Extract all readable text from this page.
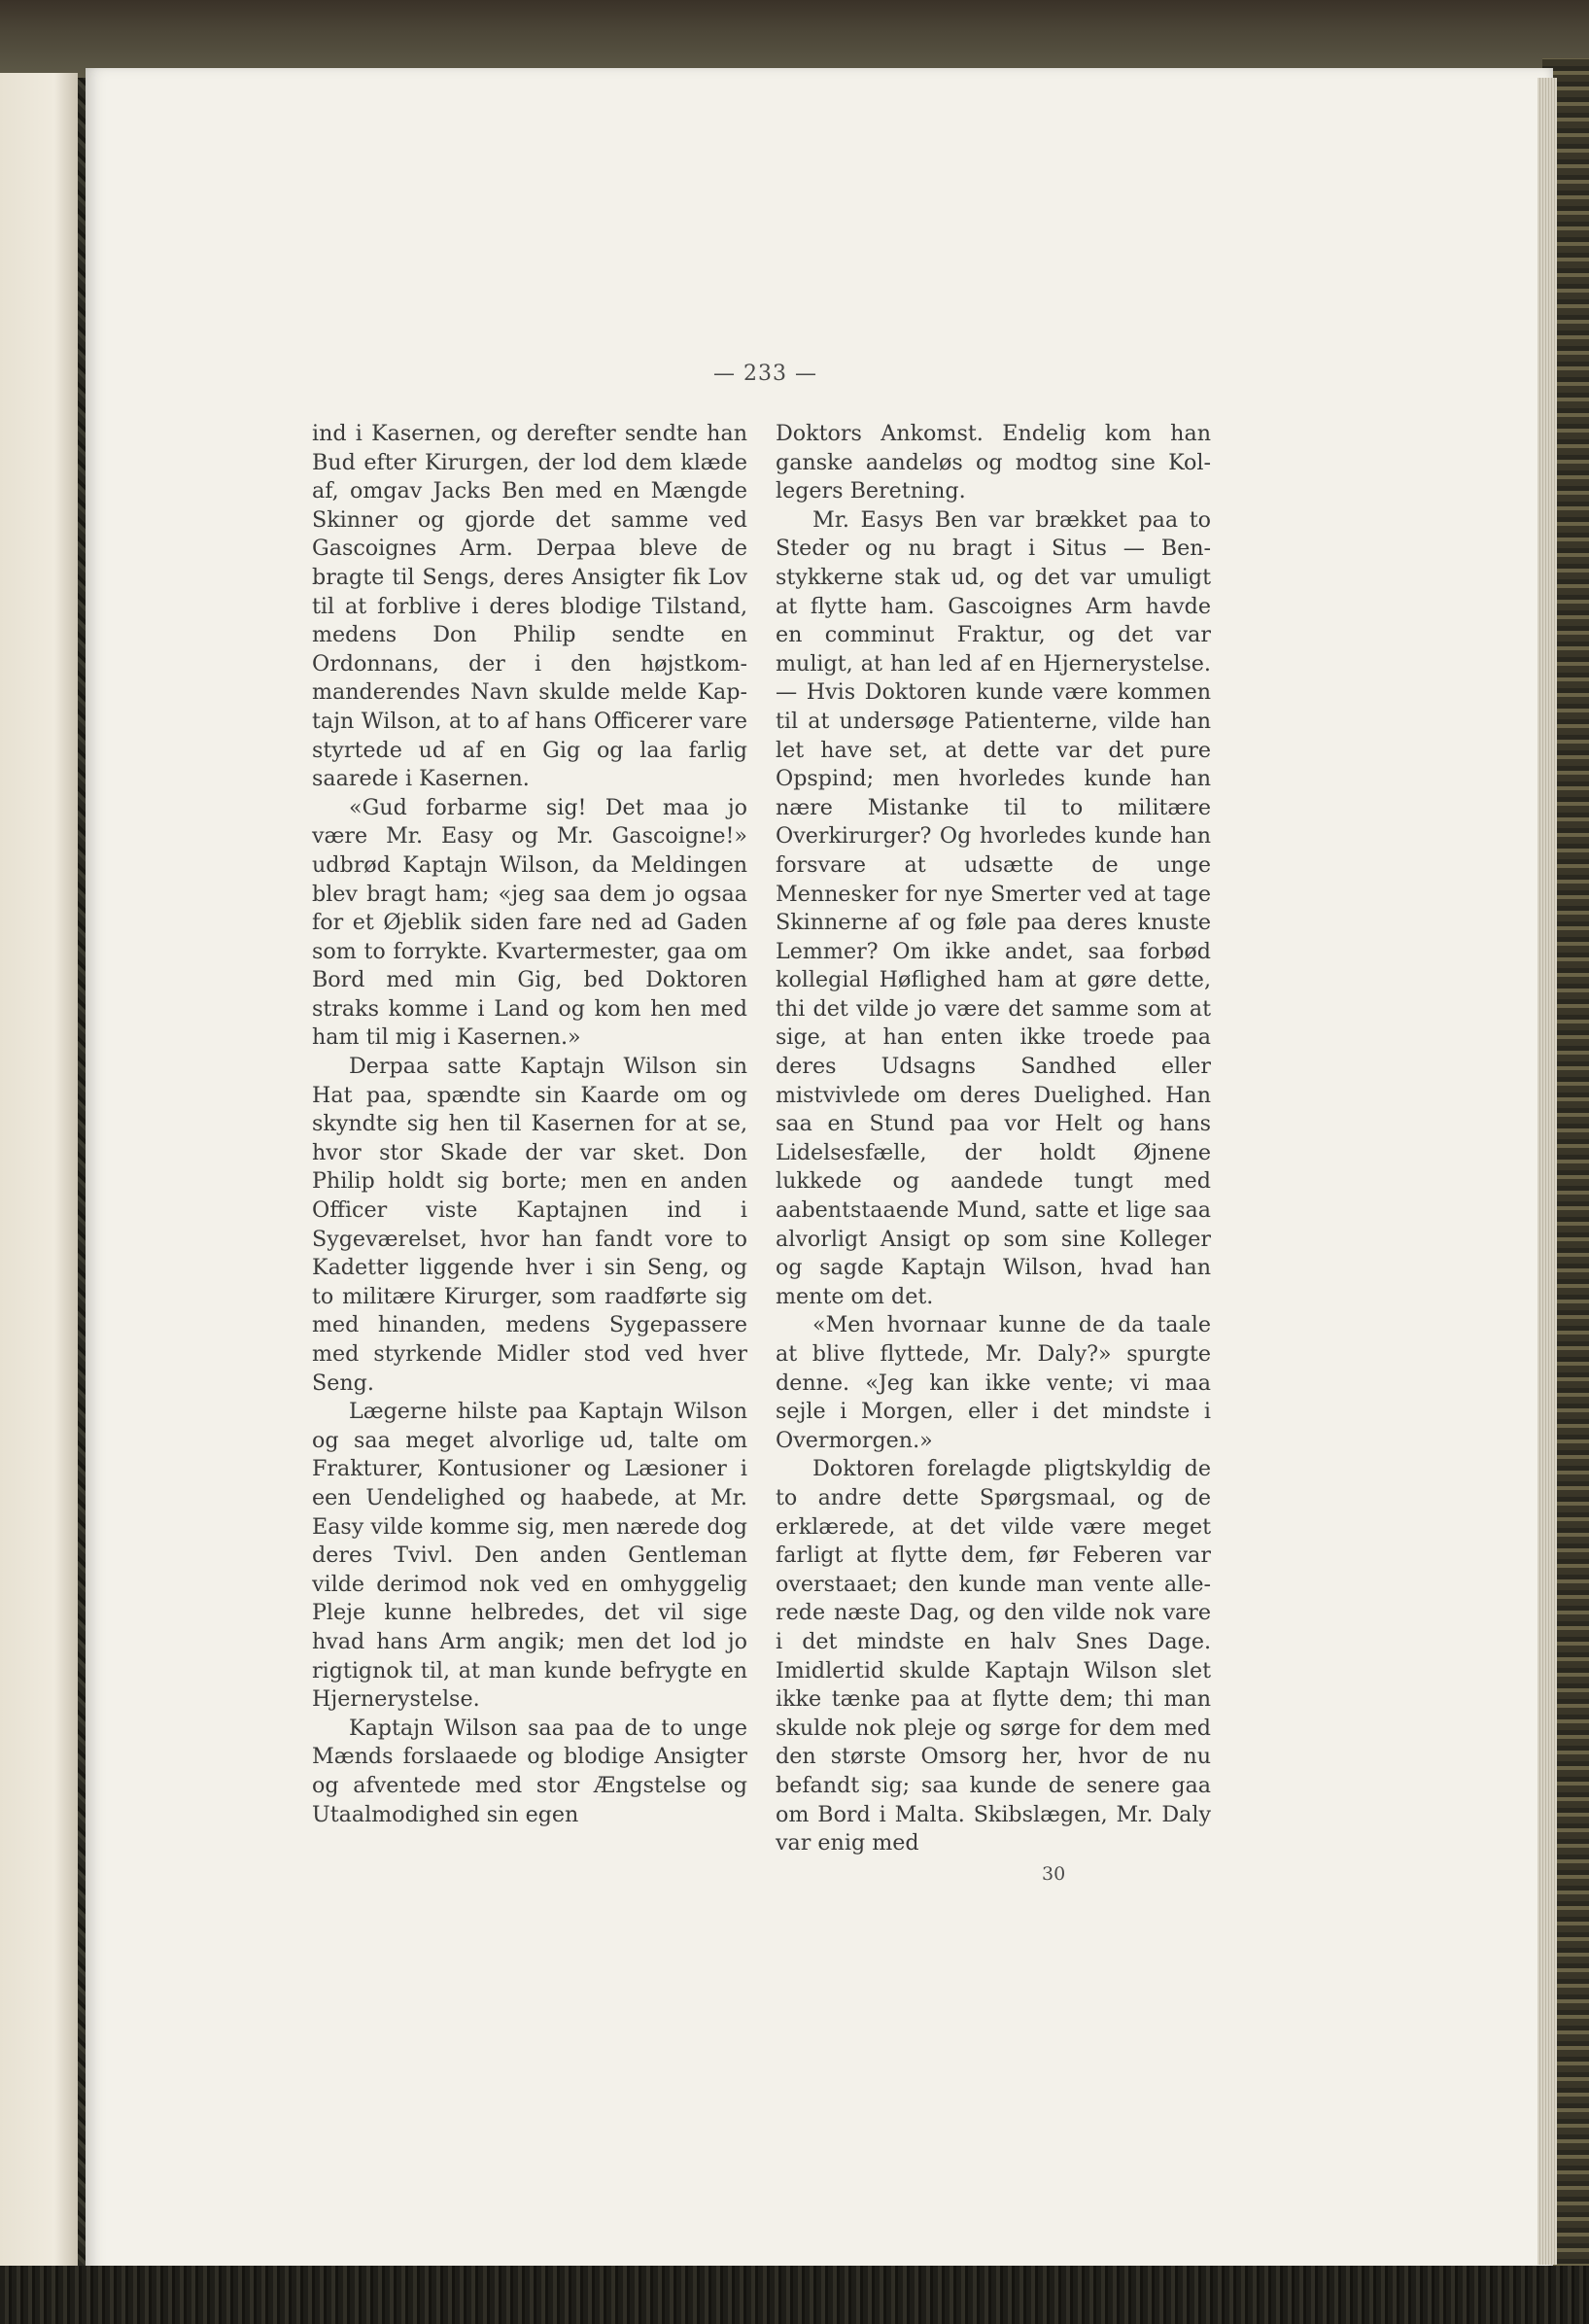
— 233 —

ind i Kasernen, og derefter sendte han Bud efter Kirurgen, der lod dem klæde af, omgav Jacks Ben med en Mængde Skinner og gjorde det samme ved Gascoignes Arm. Derpaa bleve de bragte til Sengs, deres Ansigter fik Lov til at forblive i deres blodige Tilstand, medens Don Philip sendte en Ordonnans, der i den højstkommanderendes Navn skulde melde Kaptajn Wilson, at to af hans Officerer vare styrtede ud af en Gig og laa farlig saarede i Kasernen.

«Gud forbarme sig! Det maa jo være Mr. Easy og Mr. Gascoigne!» udbrød Kaptajn Wilson, da Meldingen blev bragt ham; «jeg saa dem jo ogsaa for et Øjeblik siden fare ned ad Gaden som to forrykte. Kvartermester, gaa om Bord med min Gig, bed Doktoren straks komme i Land og kom hen med ham til mig i Kasernen.»

Derpaa satte Kaptajn Wilson sin Hat paa, spændte sin Kaarde om og skyndte sig hen til Kasernen for at se, hvor stor Skade der var sket. Don Philip holdt sig borte; men en anden Officer viste Kaptajnen ind i Sygeværelset, hvor han fandt vore to Kadetter liggende hver i sin Seng, og to militære Kirurger, som raadførte sig med hinanden, medens Sygepassere med styrkende Midler stod ved hver Seng.

Lægerne hilste paa Kaptajn Wilson og saa meget alvorlige ud, talte om Frakturer, Kontusioner og Læsioner i een Uendelighed og haabede, at Mr. Easy vilde komme sig, men nærede dog deres Tvivl. Den anden Gentleman vilde derimod nok ved en omhyggelig Pleje kunne helbredes, det vil sige hvad hans Arm angik; men det lod jo rigtignok til, at man kunde befrygte en Hjernerystelse.

Kaptajn Wilson saa paa de to unge Mænds forslaaede og blodige Ansigter og afventede med stor Ængstelse og Utaalmodighed sin egen

Doktors Ankomst. Endelig kom han ganske aandeløs og modtog sine Kollegers Beretning.

Mr. Easys Ben var brækket paa to Steder og nu bragt i Situs — Benstykkerne stak ud, og det var umuligt at flytte ham. Gascoignes Arm havde en comminut Fraktur, og det var muligt, at han led af en Hjernerystelse. — Hvis Doktoren kunde være kommen til at undersøge Patienterne, vilde han let have set, at dette var det pure Opspind; men hvorledes kunde han nære Mistanke til to militære Overkirurger? Og hvorledes kunde han forsvare at udsætte de unge Mennesker for nye Smerter ved at tage Skinnerne af og føle paa deres knuste Lemmer? Om ikke andet, saa forbød kollegial Høflighed ham at gøre dette, thi det vilde jo være det samme som at sige, at han enten ikke troede paa deres Udsagns Sandhed eller mistvivlede om deres Duelighed. Han saa en Stund paa vor Helt og hans Lidelsesfælle, der holdt Øjnene lukkede og aandede tungt med aabentstaaende Mund, satte et lige saa alvorligt Ansigt op som sine Kolleger og sagde Kaptajn Wilson, hvad han mente om det.

«Men hvornaar kunne de da taale at blive flyttede, Mr. Daly?» spurgte denne. «Jeg kan ikke vente; vi maa sejle i Morgen, eller i det mindste i Overmorgen.»

Doktoren forelagde pligtskyldig de to andre dette Spørgsmaal, og de erklærede, at det vilde være meget farligt at flytte dem, før Feberen var overstaaet; den kunde man vente allerede næste Dag, og den vilde nok vare i det mindste en halv Snes Dage. Imidlertid skulde Kaptajn Wilson slet ikke tænke paa at flytte dem; thi man skulde nok pleje og sørge for dem med den største Omsorg her, hvor de nu befandt sig; saa kunde de senere gaa om Bord i Malta. Skibslægen, Mr. Daly var enig med

30
